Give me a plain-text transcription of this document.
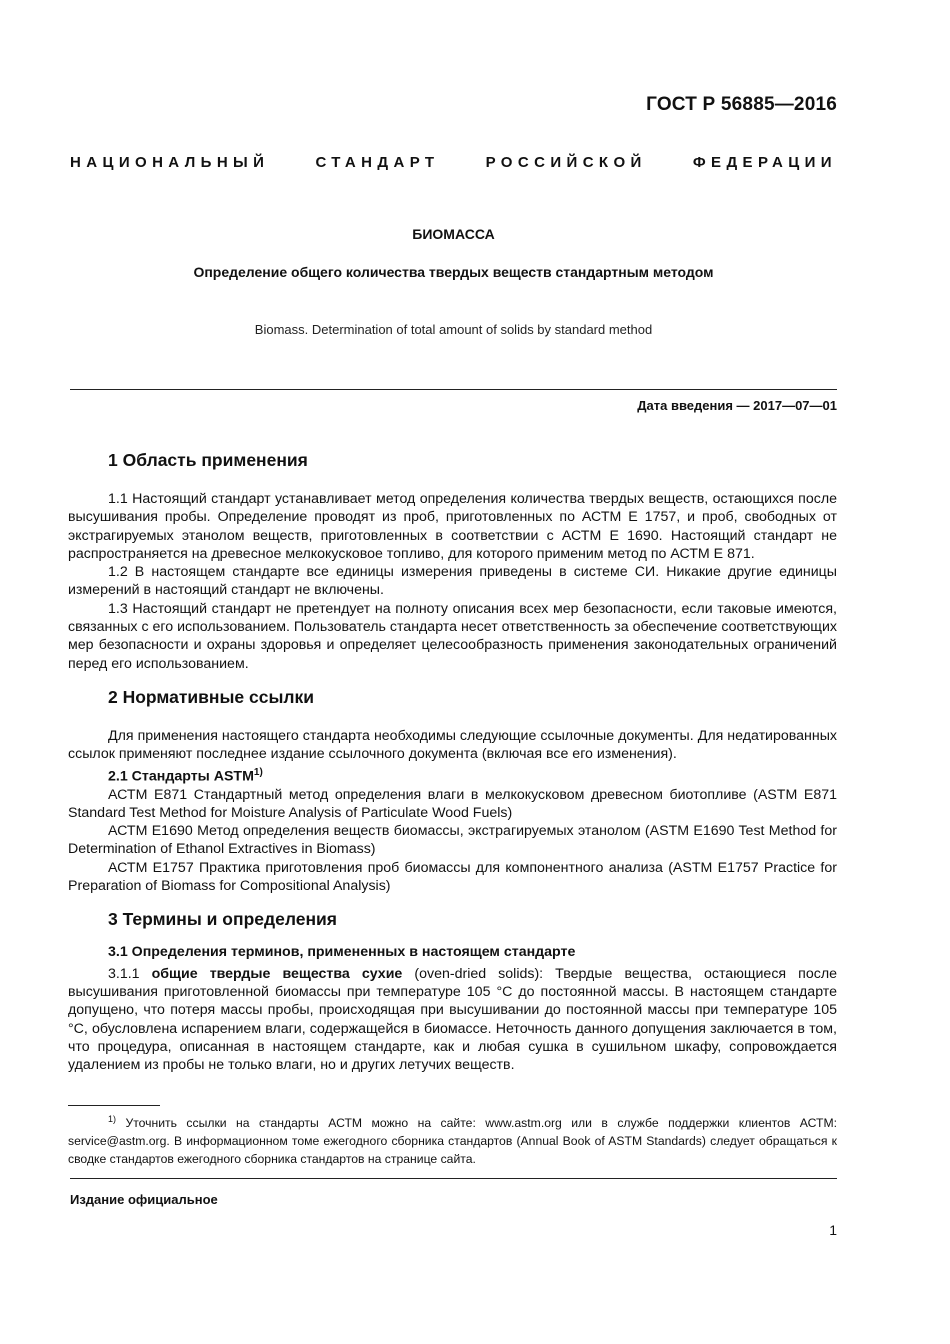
ГОСТ Р 56885—2016
НАЦИОНАЛЬНЫЙ СТАНДАРТ РОССИЙСКОЙ ФЕДЕРАЦИИ
БИОМАССА
Определение общего количества твердых веществ стандартным методом
Biomass. Determination of total amount of solids by standard method
Дата введения — 2017—07—01
1 Область применения

1.1 Настоящий стандарт устанавливает метод определения количества твердых веществ, остающихся после высушивания пробы. Определение проводят из проб, приготовленных по АСТМ Е 1757, и проб, свободных от экстрагируемых этанолом веществ, приготовленных в соответствии с АСТМ Е 1690. Настоящий стандарт не распространяется на древесное мелкокусковое топливо, для которого применим метод по АСТМ Е 871.

1.2 В настоящем стандарте все единицы измерения приведены в системе СИ. Никакие другие единицы измерений в настоящий стандарт не включены.

1.3 Настоящий стандарт не претендует на полноту описания всех мер безопасности, если таковые имеются, связанных с его использованием. Пользователь стандарта несет ответственность за обеспечение соответствующих мер безопасности и охраны здоровья и определяет целесообразность применения законодательных ограничений перед его использованием.

2 Нормативные ссылки

Для применения настоящего стандарта необходимы следующие ссылочные документы. Для недатированных ссылок применяют последнее издание ссылочного документа (включая все его изменения).

2.1 Стандарты ASTM$^{1)}$

АСТМ Е871 Стандартный метод определения влаги в мелкокусковом древесном биотопливе (ASTM E871 Standard Test Method for Moisture Analysis of Particulate Wood Fuels)

АСТМ Е1690 Метод определения веществ биомассы, экстрагируемых этанолом (ASTM E1690 Test Method for Determination of Ethanol Extractives in Biomass)

АСТМ Е1757 Практика приготовления проб биомассы для компонентного анализа (ASTM E1757 Practice for Preparation of Biomass for Compositional Analysis)

3 Термины и определения

3.1 Определения терминов, примененных в настоящем стандарте

3.1.1 общие твердые вещества сухие (oven-dried solids): Твердые вещества, остающиеся после высушивания приготовленной биомассы при температуре 105 °С до постоянной массы. В настоящем стандарте допущено, что потеря массы пробы, происходящая при высушивании до постоянной массы при температуре 105 °С, обусловлена испарением влаги, содержащейся в биомассе. Неточность данного допущения заключается в том, что процедура, описанная в настоящем стандарте, как и любая сушка в сушильном шкафу, сопровождается удалением из пробы не только влаги, но и других летучих веществ.

$^{1)}$ Уточнить ссылки на стандарты АСТМ можно на сайте: www.astm.org или в службе поддержки клиентов АСТМ: service@astm.org. В информационном томе ежегодного сборника стандартов (Annual Book of ASTM Standards) следует обращаться к сводке стандартов ежегодного сборника стандартов на странице сайта.
Издание официальное
1
